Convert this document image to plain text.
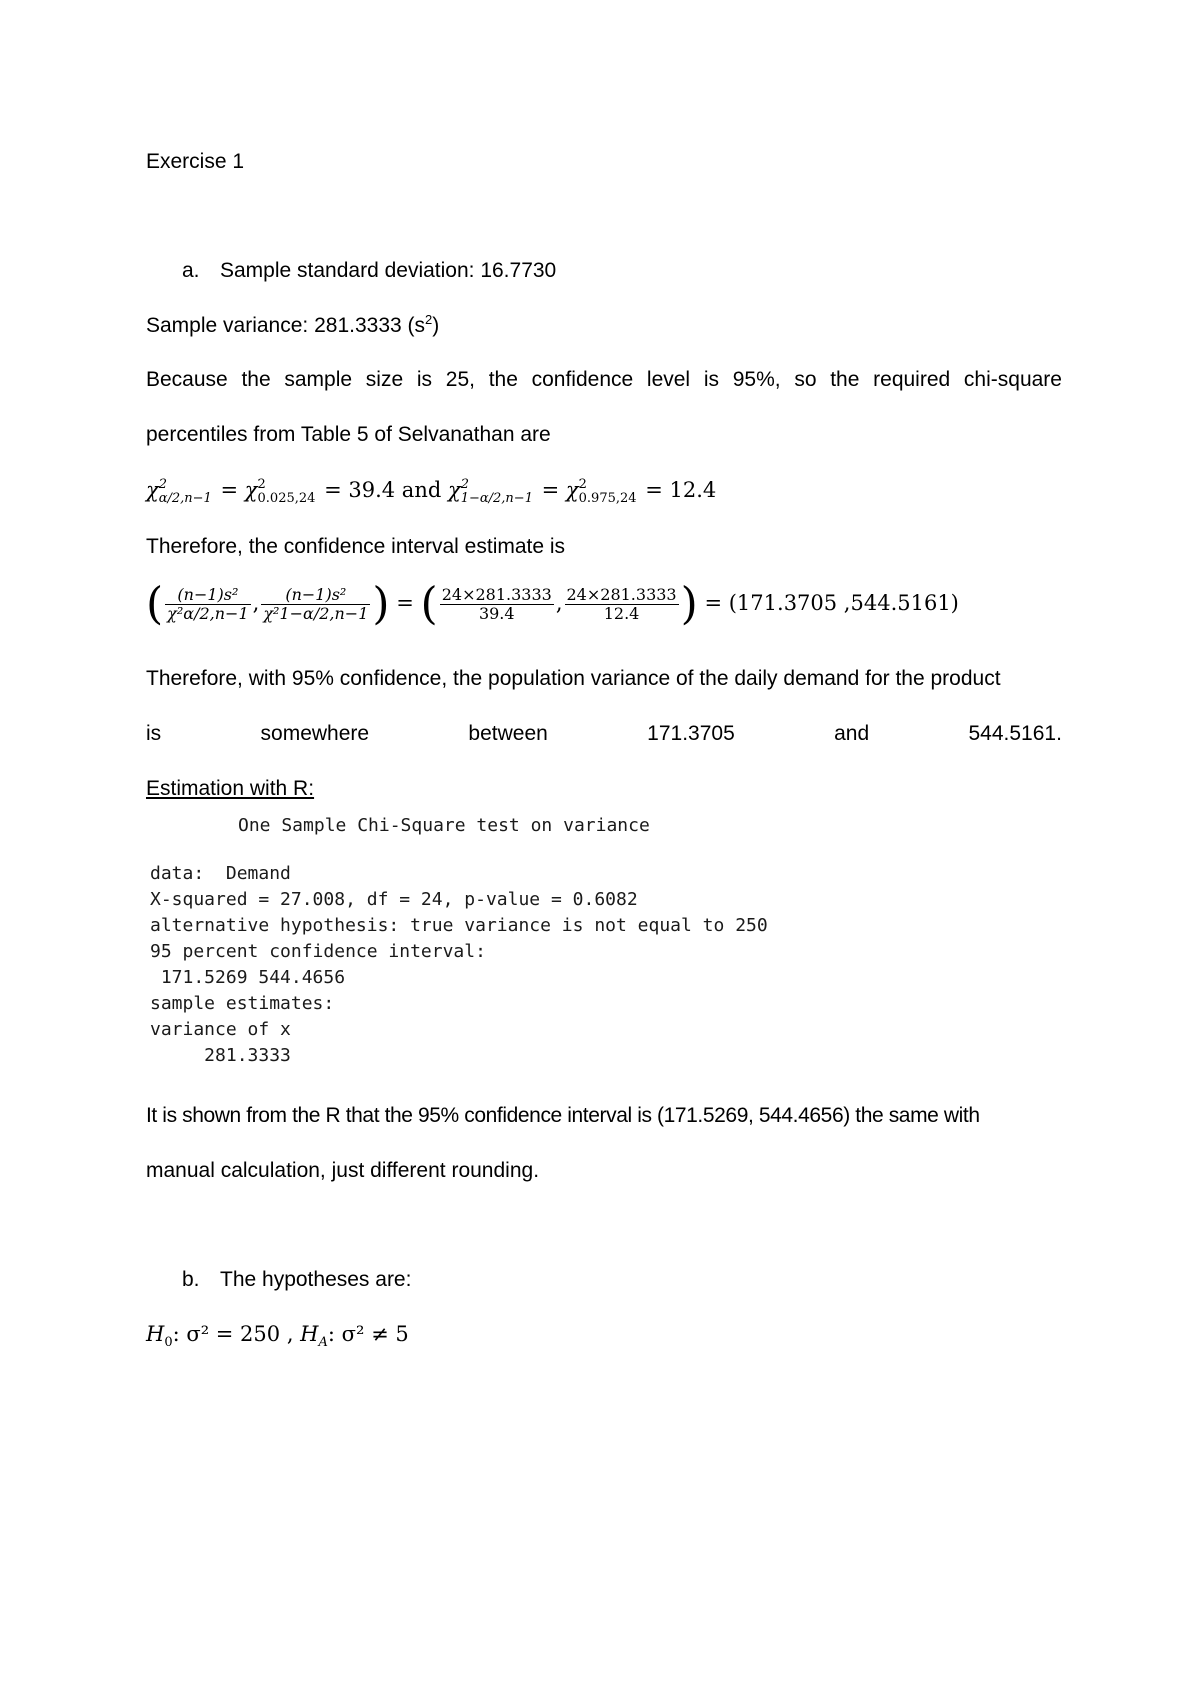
Exercise 1
a. Sample standard deviation: 16.7730
Sample variance: 281.3333 $(s^2)$
Because the sample size is 25, the confidence level is 95%, so the required chi-square
percentiles from Table 5 of Selvanathan are
χ 2
α/2,n−1 = χ 2
0.025,24 = 39.4 and χ 2
1−α/2,n−1 = χ 2
0.975,24 = 12.4
Therefore, the confidence interval estimate is
( $\frac{\text{(n−1)s²}}{\text{χ²α/2,n−1}}$ , $\frac{\text{(n−1)s²}}{\text{χ²1−α/2,n−1}}$ ) = ( $\frac{24\times 281.3333}{39.4}$ , $\frac{24\times 281.3333}{12.4}$ ) = (171.3705 ,544.5161)
Therefore, with 95% confidence, the population variance of the daily demand for the product
is	somewhere	between	171.3705	and	544.5161.
Estimation with R:
One Sample Chi-Square test on variance
data:  Demand
X-squared = 27.008, df = 24, p-value = 0.6082
alternative hypothesis: true variance is not equal to 250
95 percent confidence interval:
171.5269 544.4656
sample estimates:
variance of x
281.3333
It is shown from the R that the 95% confidence interval is (171.5269, 544.4656) the same with
manual calculation, just different rounding.
b. The hypotheses are:
$H_0$: σ² = 250 , $H_A$: σ² ≠ 5
